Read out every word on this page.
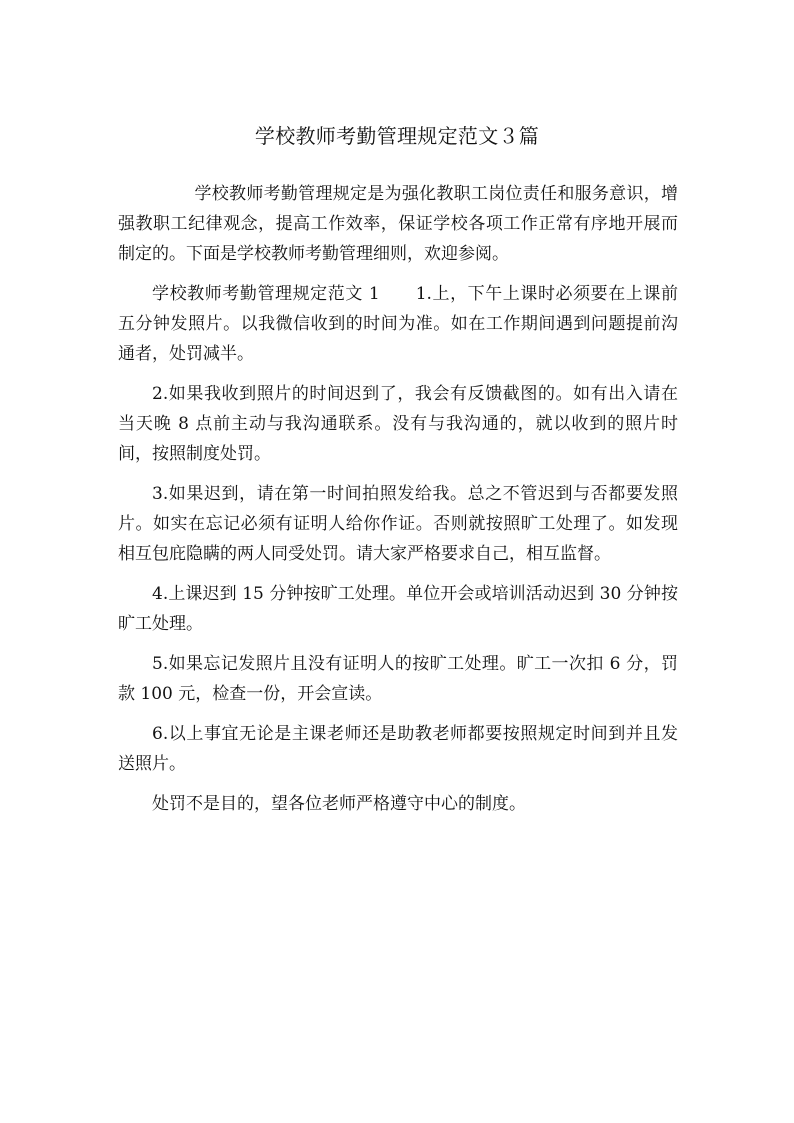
学校教师考勤管理规定范文３篇

学校教师考勤管理规定是为强化教职工岗位责任和服务意识，增强教职工纪律观念，提高工作效率，保证学校各项工作正常有序地开展而制定的。下面是学校教师考勤管理细则，欢迎参阅。

学校教师考勤管理规定范文 1 1.上，下午上课时必须要在上课前五分钟发照片。以我微信收到的时间为准。如在工作期间遇到问题提前沟通者，处罚减半。

2.如果我收到照片的时间迟到了，我会有反馈截图的。如有出入请在当天晚 8 点前主动与我沟通联系。没有与我沟通的，就以收到的照片时间，按照制度处罚。

3.如果迟到，请在第一时间拍照发给我。总之不管迟到与否都要发照片。如实在忘记必须有证明人给你作证。否则就按照旷工处理了。如发现相互包庇隐瞒的两人同受处罚。请大家严格要求自己，相互监督。

4.上课迟到 15 分钟按旷工处理。单位开会或培训活动迟到 30 分钟按旷工处理。

5.如果忘记发照片且没有证明人的按旷工处理。旷工一次扣 6 分，罚款 100 元，检查一份，开会宣读。

6.以上事宜无论是主课老师还是助教老师都要按照规定时间到并且发送照片。

处罚不是目的，望各位老师严格遵守中心的制度。
